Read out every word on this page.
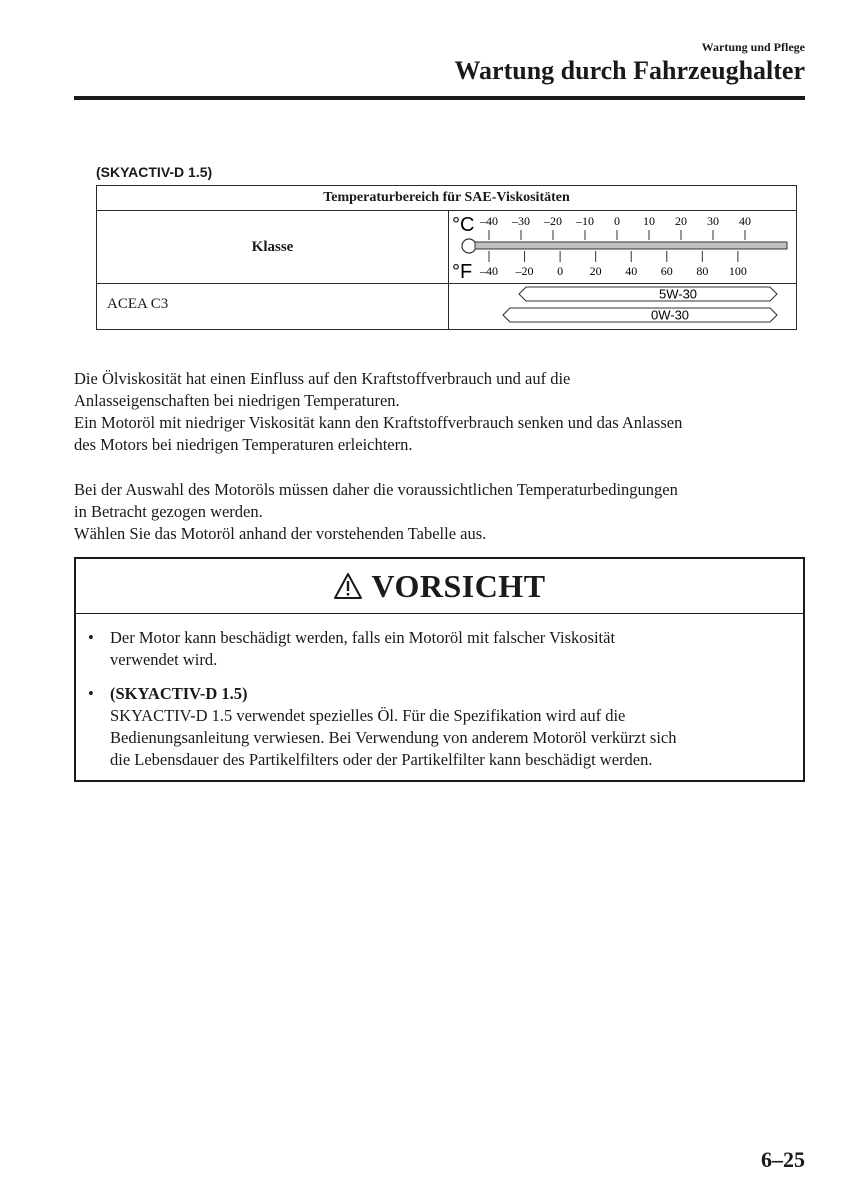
Wartung und Pflege
Wartung durch Fahrzeughalter
(SKYACTIV-D 1.5)
Temperaturbereich für SAE-Viskositäten
Klasse
°C
°F
–40 –30 –20 –10 0 10 20 30 40
–40 –20 0 20 40 60 80 100
ACEA C3
5W-30
0W-30

Die Ölviskosität hat einen Einfluss auf den Kraftstoffverbrauch und auf die

Anlasseigenschaften bei niedrigen Temperaturen.

Ein Motoröl mit niedriger Viskosität kann den Kraftstoffverbrauch senken und das Anlassen

des Motors bei niedrigen Temperaturen erleichtern.

Bei der Auswahl des Motoröls müssen daher die voraussichtlichen Temperaturbedingungen

in Betracht gezogen werden.

Wählen Sie das Motoröl anhand der vorstehenden Tabelle aus.

VORSICHT
• Der Motor kann beschädigt werden, falls ein Motoröl mit falscher Viskosität

verwendet wird.

• (SKYACTIV-D 1.5)

SKYACTIV-D 1.5 verwendet spezielles Öl. Für die Spezifikation wird auf die

Bedienungsanleitung verwiesen. Bei Verwendung von anderem Motoröl verkürzt sich

die Lebensdauer des Partikelfilters oder der Partikelfilter kann beschädigt werden.

6–25
